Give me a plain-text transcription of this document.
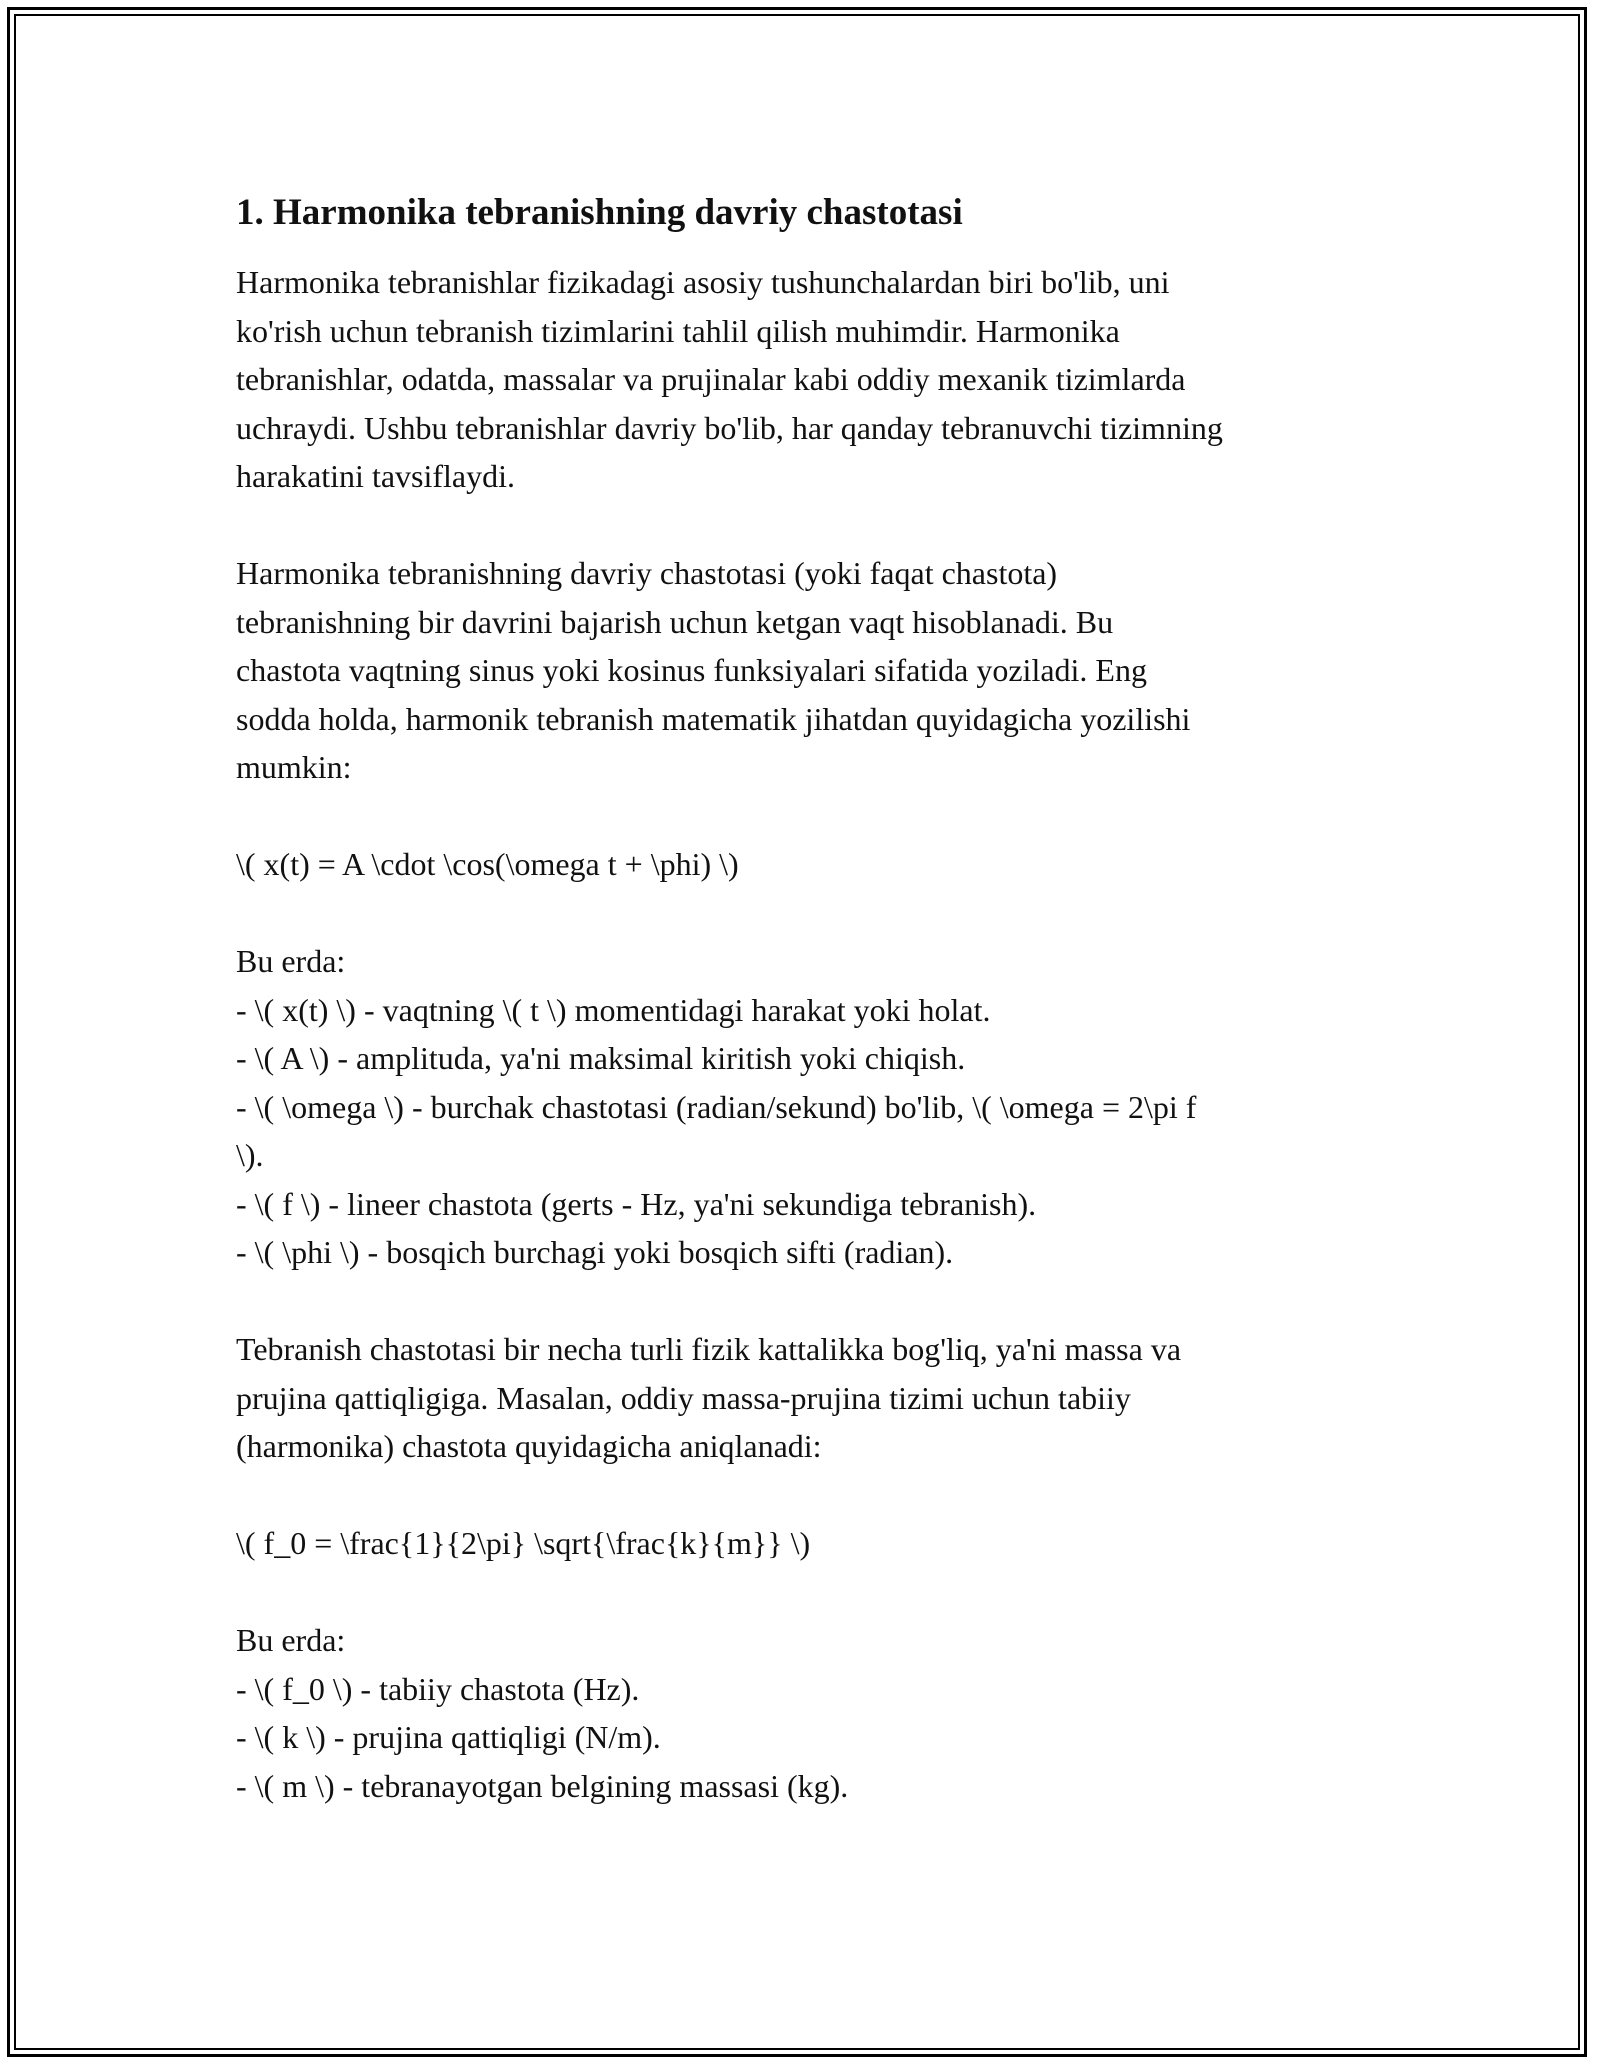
1. Harmonika tebranishning davriy chastotasi

Harmonika tebranishlar fizikadagi asosiy tushunchalardan biri bo'lib, uni
ko'rish uchun tebranish tizimlarini tahlil qilish muhimdir. Harmonika
tebranishlar, odatda, massalar va prujinalar kabi oddiy mexanik tizimlarda
uchraydi. Ushbu tebranishlar davriy bo'lib, har qanday tebranuvchi tizimning
harakatini tavsiflaydi.

Harmonika tebranishning davriy chastotasi (yoki faqat chastota)
tebranishning bir davrini bajarish uchun ketgan vaqt hisoblanadi. Bu
chastota vaqtning sinus yoki kosinus funksiyalari sifatida yoziladi. Eng
sodda holda, harmonik tebranish matematik jihatdan quyidagicha yozilishi
mumkin:

\( x(t) = A \cdot \cos(\omega t + \phi) \)

Bu erda:
- \( x(t) \) - vaqtning \( t \) momentidagi harakat yoki holat.
- \( A \) - amplituda, ya'ni maksimal kiritish yoki chiqish.
- \( \omega \) - burchak chastotasi (radian/sekund) bo'lib, \( \omega = 2\pi f
\).
- \( f \) - lineer chastota (gerts - Hz, ya'ni sekundiga tebranish).
- \( \phi \) - bosqich burchagi yoki bosqich sifti (radian).

Tebranish chastotasi bir necha turli fizik kattalikka bog'liq, ya'ni massa va
prujina qattiqligiga. Masalan, oddiy massa-prujina tizimi uchun tabiiy
(harmonika) chastota quyidagicha aniqlanadi:

\( f_0 = \frac{1}{2\pi} \sqrt{\frac{k}{m}} \)

Bu erda:
- \( f_0 \) - tabiiy chastota (Hz).
- \( k \) - prujina qattiqligi (N/m).
- \( m \) - tebranayotgan belgining massasi (kg).
